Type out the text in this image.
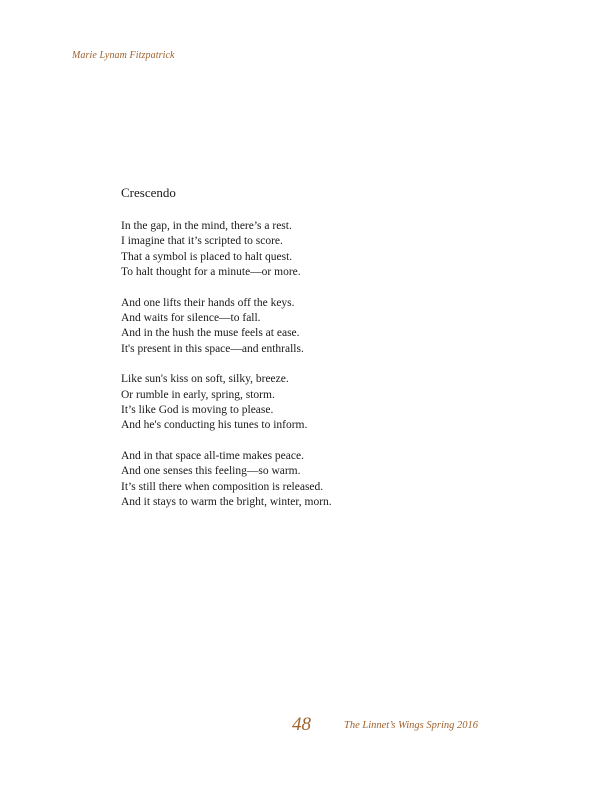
Marie Lynam Fitzpatrick
Crescendo
In the gap, in the mind, there’s a rest.
I imagine that it’s scripted to score.
That a symbol is placed to halt quest.
To halt thought for a minute—or more.
And one lifts their hands off the keys.
And waits for silence—to fall.
And in the hush the muse feels at ease.
It's present in this space—and enthralls.
Like sun's kiss on soft, silky, breeze.
Or rumble in early, spring, storm.
It’s like God is moving to please.
And he's conducting his tunes to inform.
And in that space all-time makes peace.
And one senses this feeling—so warm.
It’s still there when composition is released.
And it stays to warm the bright, winter, morn.
48	The Linnet’s Wings Spring 2016
